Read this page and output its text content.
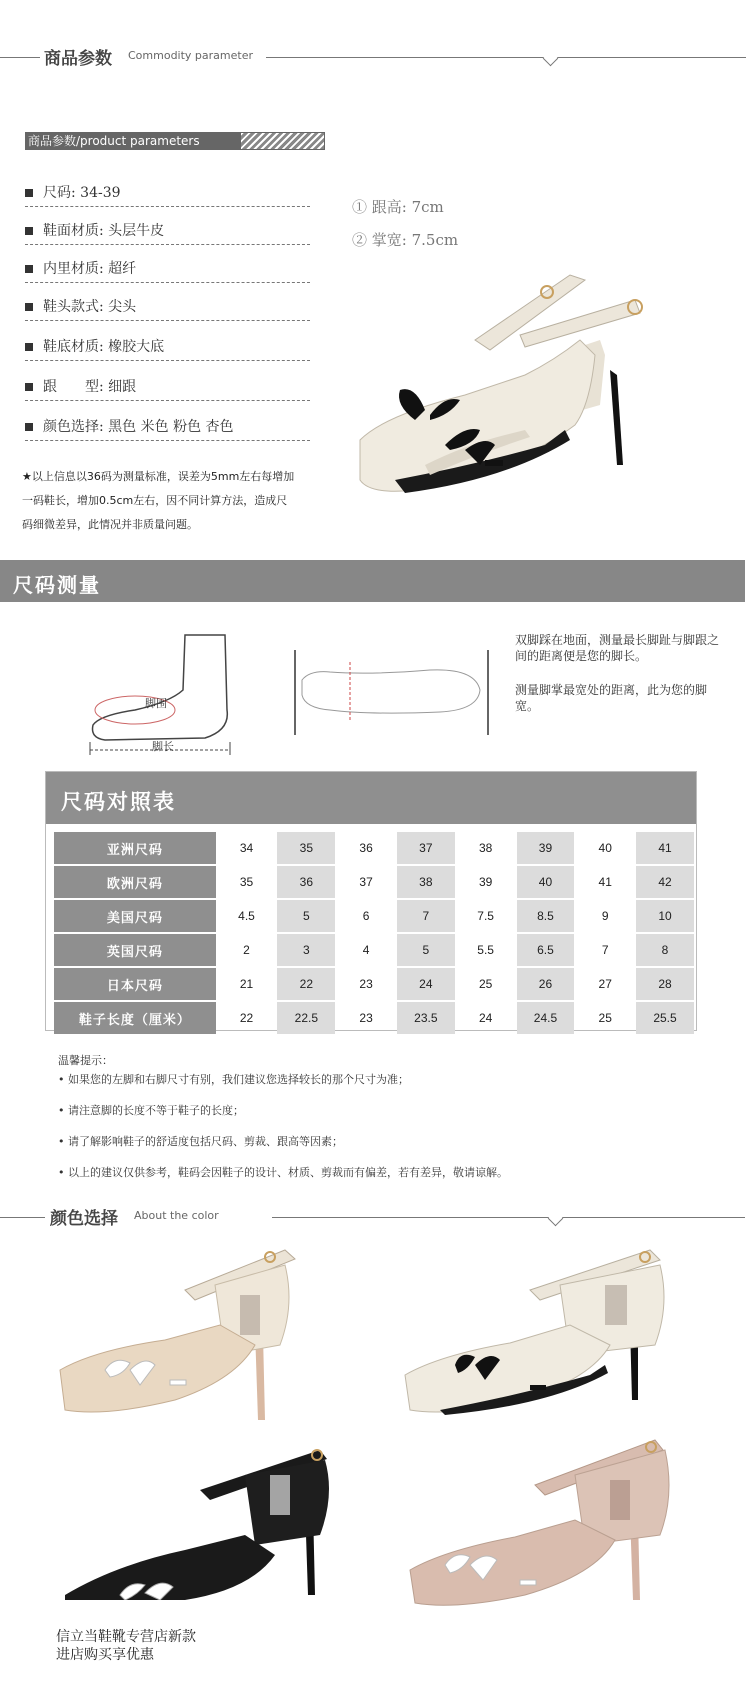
商品参数 Commodity parameter
商品参数/product parameters
尺码: 34-39
鞋面材质: 头层牛皮
内里材质: 超纤
鞋头款式: 尖头
鞋底材质: 橡胶大底
跟　　型: 细跟
颜色选择: 黑色 米色 粉色 杏色
★以上信息以36码为测量标准，误差为5mm左右每增加
一码鞋长，增加0.5cm左右，因不同计算方法，造成尺
码细微差异，此情况并非质量问题。
① 跟高: 7cm
② 掌宽: 7.5cm
尺码测量
脚围
脚长
双脚踩在地面，测量最长脚趾与脚跟之间的距离便是您的脚长。
测量脚掌最宽处的距离，此为您的脚宽。
尺码对照表
亚洲尺码	34	35	36	37	38	39	40	41
欧洲尺码	35	36	37	38	39	40	41	42
美国尺码	4.5	5	6	7	7.5	8.5	9	10
英国尺码	2	3	4	5	5.5	6.5	7	8
日本尺码	21	22	23	24	25	26	27	28
鞋子长度（厘米）	22	22.5	23	23.5	24	24.5	25	25.5
温馨提示：
• 如果您的左脚和右脚尺寸有别，我们建议您选择较长的那个尺寸为准；
• 请注意脚的长度不等于鞋子的长度；
• 请了解影响鞋子的舒适度包括尺码、剪裁、跟高等因素；
• 以上的建议仅供参考，鞋码会因鞋子的设计、材质、剪裁而有偏差，若有差异，敬请谅解。
颜色选择 About the color
信立当鞋靴专营店新款
进店购买享优惠
